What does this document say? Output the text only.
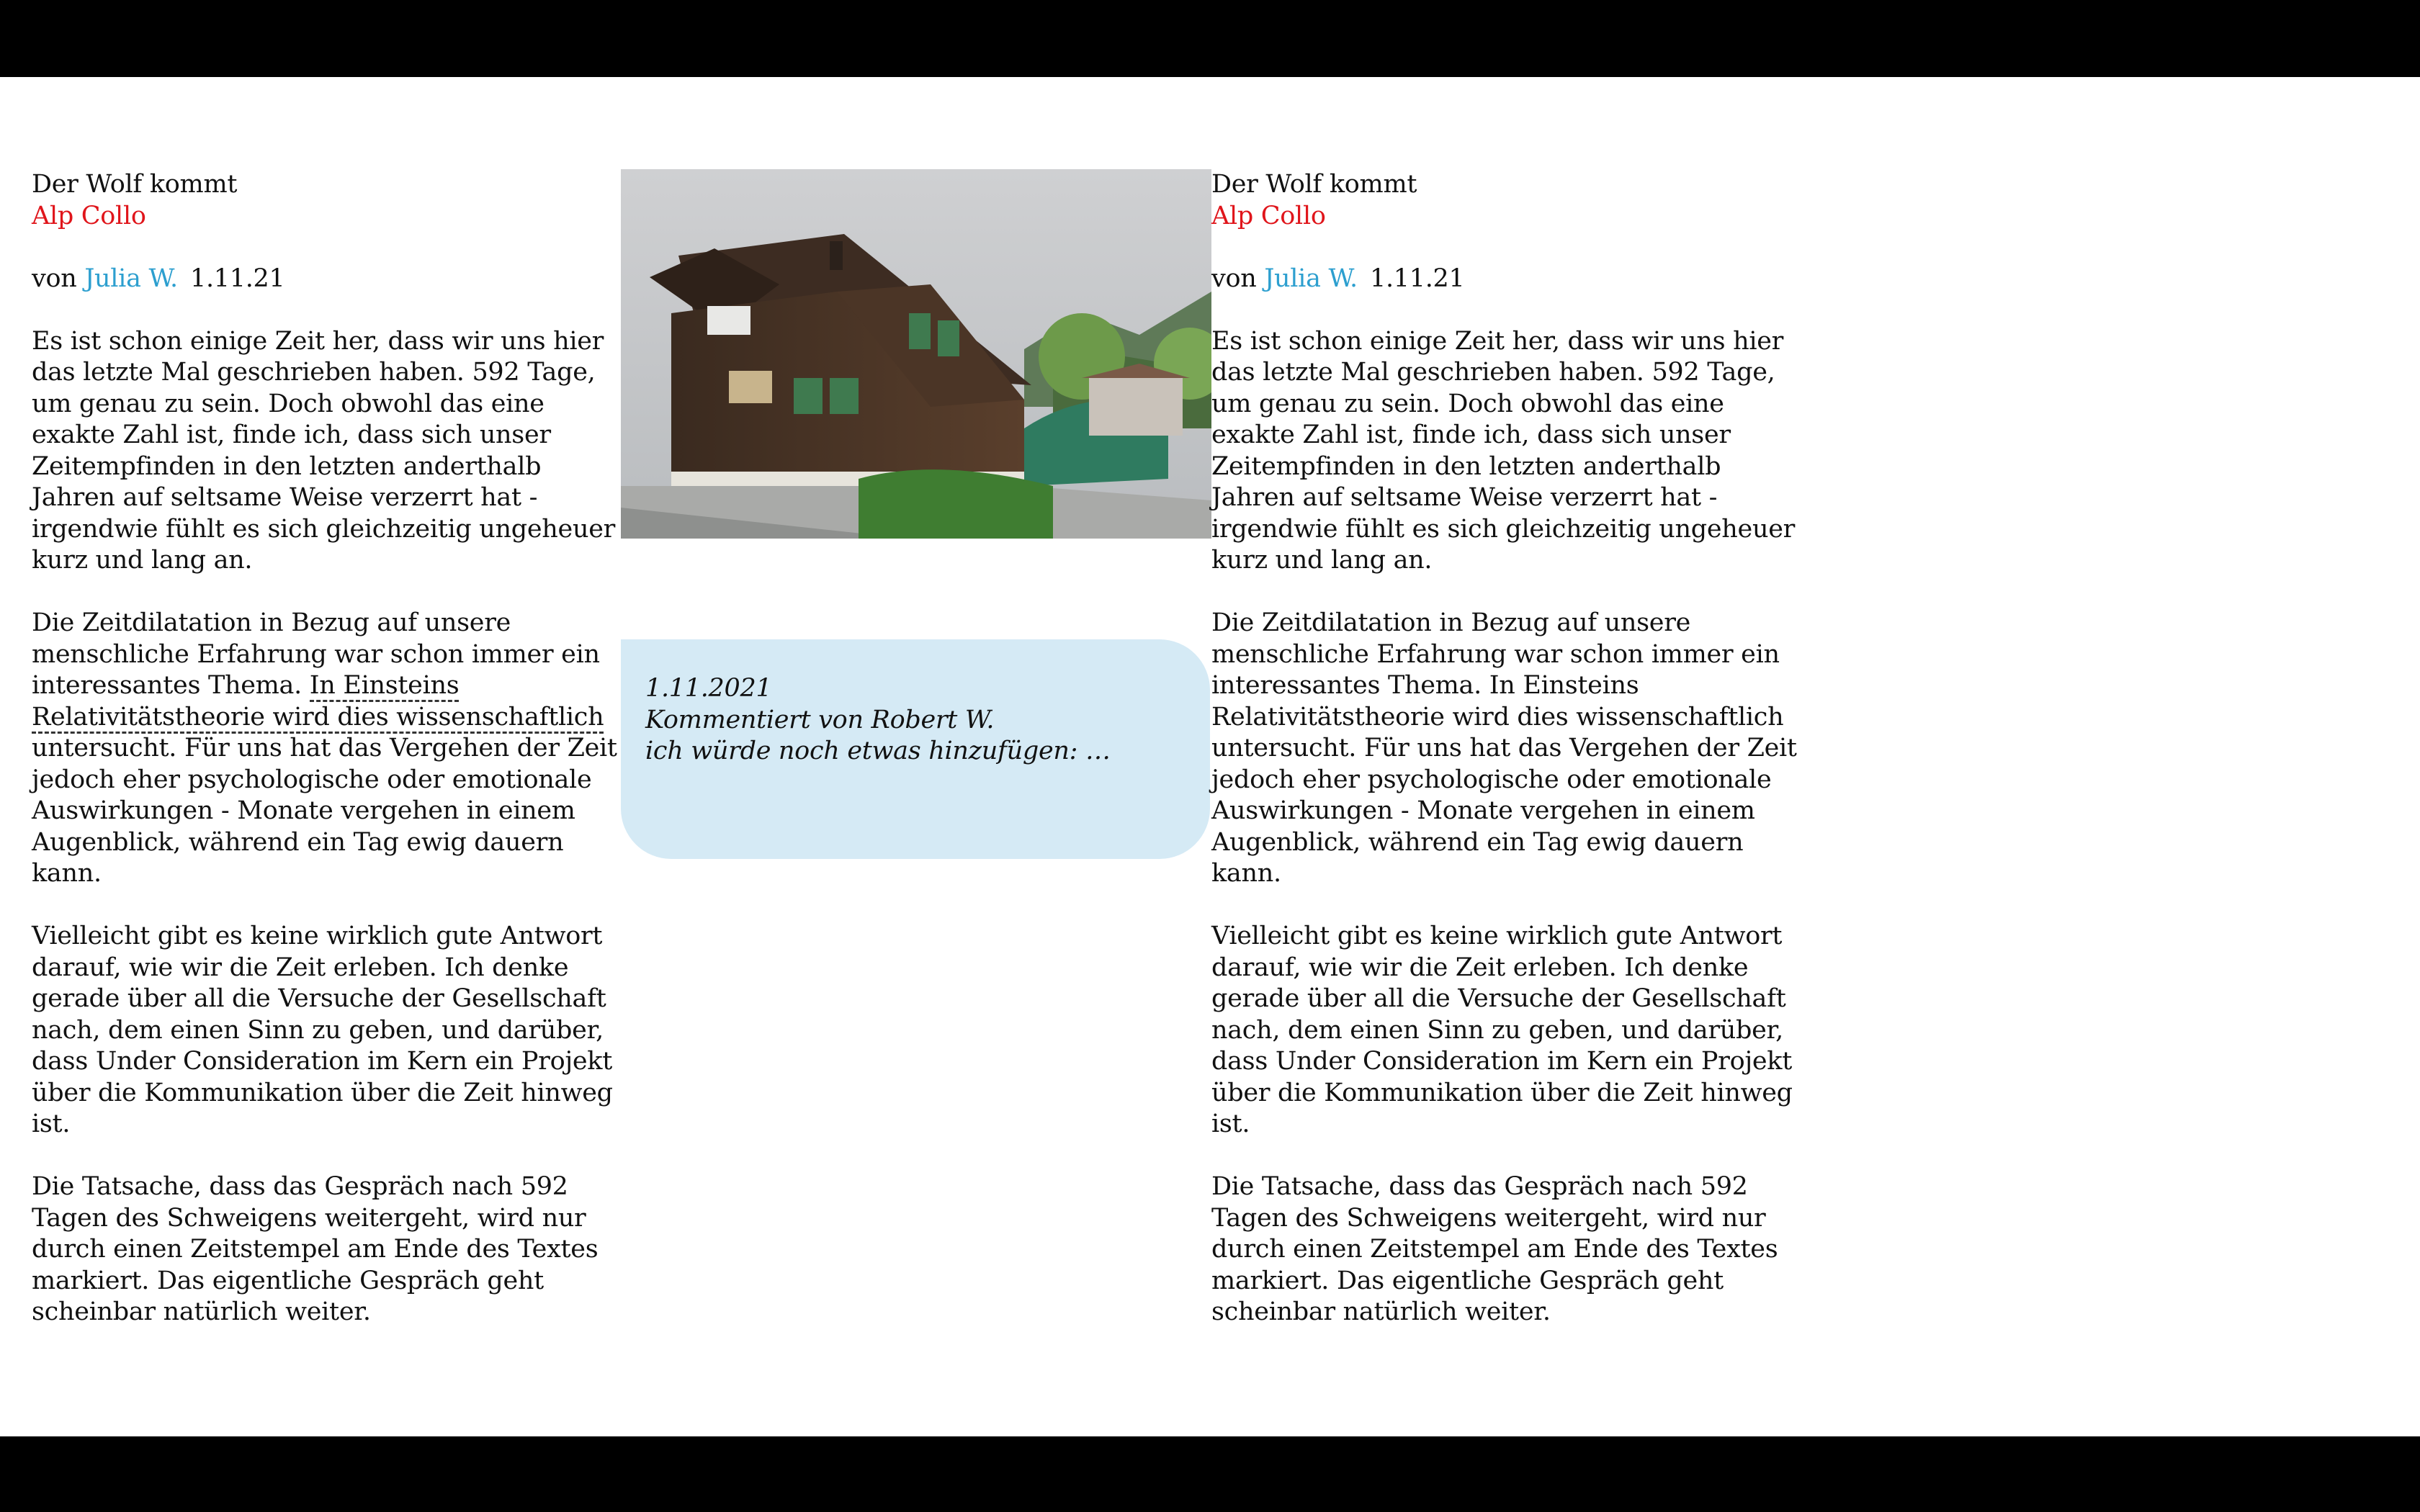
Der Wolf kommt
Alp Collo
von Julia W. 1.11.21

Es ist schon einige Zeit her, dass wir uns hier das letzte Mal geschrieben haben. 592 Tage, um genau zu sein. Doch obwohl das eine exakte Zahl ist, finde ich, dass sich unser Zeitempfinden in den letzten anderthalb Jahren auf seltsame Weise verzerrt hat - irgendwie fühlt es sich gleichzeitig ungeheuer kurz und lang an.

Die Zeitdilatation in Bezug auf unsere menschliche Erfahrung war schon immer ein interessantes Thema. In Einsteins Relativitätstheorie wird dies wissenschaftlich untersucht. Für uns hat das Vergehen der Zeit jedoch eher psychologische oder emotionale Auswirkungen - Monate vergehen in einem Augenblick, während ein Tag ewig dauern kann.

Vielleicht gibt es keine wirklich gute Antwort darauf, wie wir die Zeit erleben. Ich denke gerade über all die Versuche der Gesellschaft nach, dem einen Sinn zu geben, und darüber, dass Under Consideration im Kern ein Projekt über die Kommunikation über die Zeit hinweg ist.

Die Tatsache, dass das Gespräch nach 592 Tagen des Schweigens weitergeht, wird nur durch einen Zeitstempel am Ende des Textes markiert. Das eigentliche Gespräch geht scheinbar natürlich weiter.

1.11.2021
Kommentiert von Robert W.
ich würde noch etwas hinzufügen: …
Der Wolf kommt
Alp Collo
von Julia W. 1.11.21

Es ist schon einige Zeit her, dass wir uns hier das letzte Mal geschrieben haben. 592 Tage, um genau zu sein. Doch obwohl das eine exakte Zahl ist, finde ich, dass sich unser Zeitempfinden in den letzten anderthalb Jahren auf seltsame Weise verzerrt hat - irgendwie fühlt es sich gleichzeitig ungeheuer kurz und lang an.

Die Zeitdilatation in Bezug auf unsere menschliche Erfahrung war schon immer ein interessantes Thema. In Einsteins Relativitätstheorie wird dies wissenschaftlich untersucht. Für uns hat das Vergehen der Zeit jedoch eher psychologische oder emotionale Auswirkungen - Monate vergehen in einem Augenblick, während ein Tag ewig dauern kann.

Vielleicht gibt es keine wirklich gute Antwort darauf, wie wir die Zeit erleben. Ich denke gerade über all die Versuche der Gesellschaft nach, dem einen Sinn zu geben, und darüber, dass Under Consideration im Kern ein Projekt über die Kommunikation über die Zeit hinweg ist.

Die Tatsache, dass das Gespräch nach 592 Tagen des Schweigens weitergeht, wird nur durch einen Zeitstempel am Ende des Textes markiert. Das eigentliche Gespräch geht scheinbar natürlich weiter.
